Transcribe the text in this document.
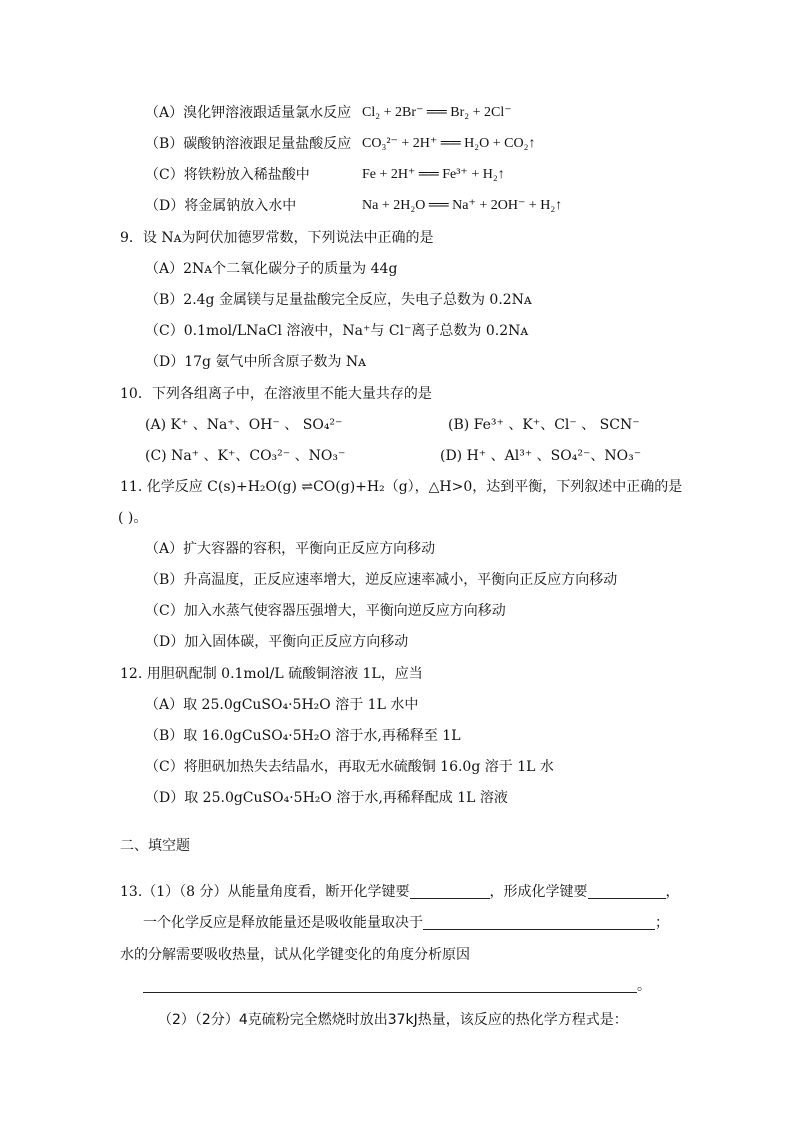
（A）溴化钾溶液跟适量氯水反应 Cl₂ + 2Br⁻ ══ Br₂ + 2Cl⁻
（B）碳酸钠溶液跟足量盐酸反应 CO₃²⁻ + 2H⁺ ══ H₂O + CO₂↑
（C）将铁粉放入稀盐酸中	Fe + 2H⁺ ══ Fe³⁺ + H₂↑
（D）将金属钠放入水中	Na + 2H₂O ══ Na⁺ + 2OH⁻ + H₂↑
9．设 Nᴀ为阿伏加德罗常数，下列说法中正确的是
（A）2Nᴀ个二氧化碳分子的质量为 44g
（B）2.4g 金属镁与足量盐酸完全反应，失电子总数为 0.2Nᴀ
（C）0.1mol/LNaCl 溶液中，Na⁺与 Cl⁻离子总数为 0.2Nᴀ
（D）17g 氨气中所含原子数为 Nᴀ
10．下列各组离子中，在溶液里不能大量共存的是
(A) K⁺ 、Na⁺、OH⁻ 、 SO₄²⁻	(B) Fe³⁺ 、K⁺、Cl⁻ 、 SCN⁻
(C) Na⁺ 、K⁺、CO₃²⁻ 、NO₃⁻	(D) H⁺ 、Al³⁺ 、SO₄²⁻、NO₃⁻
11. 化学反应 C(s)+H₂O(g) ⇌CO(g)+H₂（g），△H>0，达到平衡，下列叙述中正确的是
( )。
（A）扩大容器的容积，平衡向正反应方向移动
（B）升高温度，正反应速率增大，逆反应速率减小，平衡向正反应方向移动
（C）加入水蒸气使容器压强增大，平衡向逆反应方向移动
（D）加入固体碳，平衡向正反应方向移动
12. 用胆矾配制 0.1mol/L 硫酸铜溶液 1L，应当
（A）取 25.0gCuSO₄·5H₂O 溶于 1L 水中
（B）取 16.0gCuSO₄·5H₂O 溶于水,再稀释至 1L
（C）将胆矾加热失去结晶水，再取无水硫酸铜 16.0g 溶于 1L 水
（D）取 25.0gCuSO₄·5H₂O 溶于水,再稀释配成 1L 溶液
二、填空题
13.（1）（8 分）从能量角度看，断开化学键要	，形成化学键要	，
一个化学反应是释放能量还是吸收能量取决于	；
水的分解需要吸收热量，试从化学键变化的角度分析原因
。
（2）（2分）4克硫粉完全燃烧时放出37kJ热量，该反应的热化学方程式是：
